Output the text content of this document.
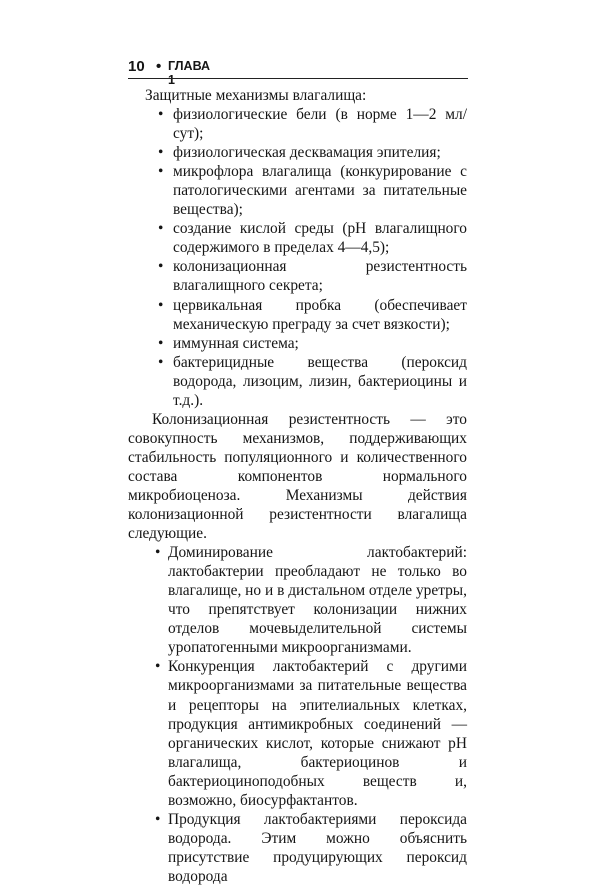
10 • ГЛАВА 1

Защитные механизмы влагалища:

• физиологические бели (в норме 1—2 мл/сут);
• физиологическая десквамация эпителия;
• микрофлора влагалища (конкурирование с патологическими агентами за питательные вещества);
• создание кислой среды (pH влагалищного содержимого в пределах 4—4,5);
• колонизационная резистентность влагалищного секрета;
• цервикальная пробка (обеспечивает механическую преграду за счет вязкости);
• иммунная система;
• бактерицидные вещества (пероксид водорода, лизоцим, лизин, бактериоцины и т.д.).

Колонизационная резистентность — это совокупность механизмов, поддерживающих стабильность популяционного и количественного состава компонентов нормального микробиоценоза. Механизмы действия колонизационной резистентности влагалища следующие.

• Доминирование лактобактерий: лактобактерии преобладают не только во влагалище, но и в дистальном отделе уретры, что препятствует колонизации нижних отделов мочевыделительной системы уропатогенными микроорганизмами.
• Конкуренция лактобактерий с другими микроорганизмами за питательные вещества и рецепторы на эпителиальных клетках, продукция антимикробных соединений — органических кислот, которые снижают pH влагалища, бактериоцинов и бактериоциноподобных веществ и, возможно, биосурфактантов.
• Продукция лактобактериями пероксида водорода. Этим можно объяснить присутствие продуцирующих пероксид водорода
